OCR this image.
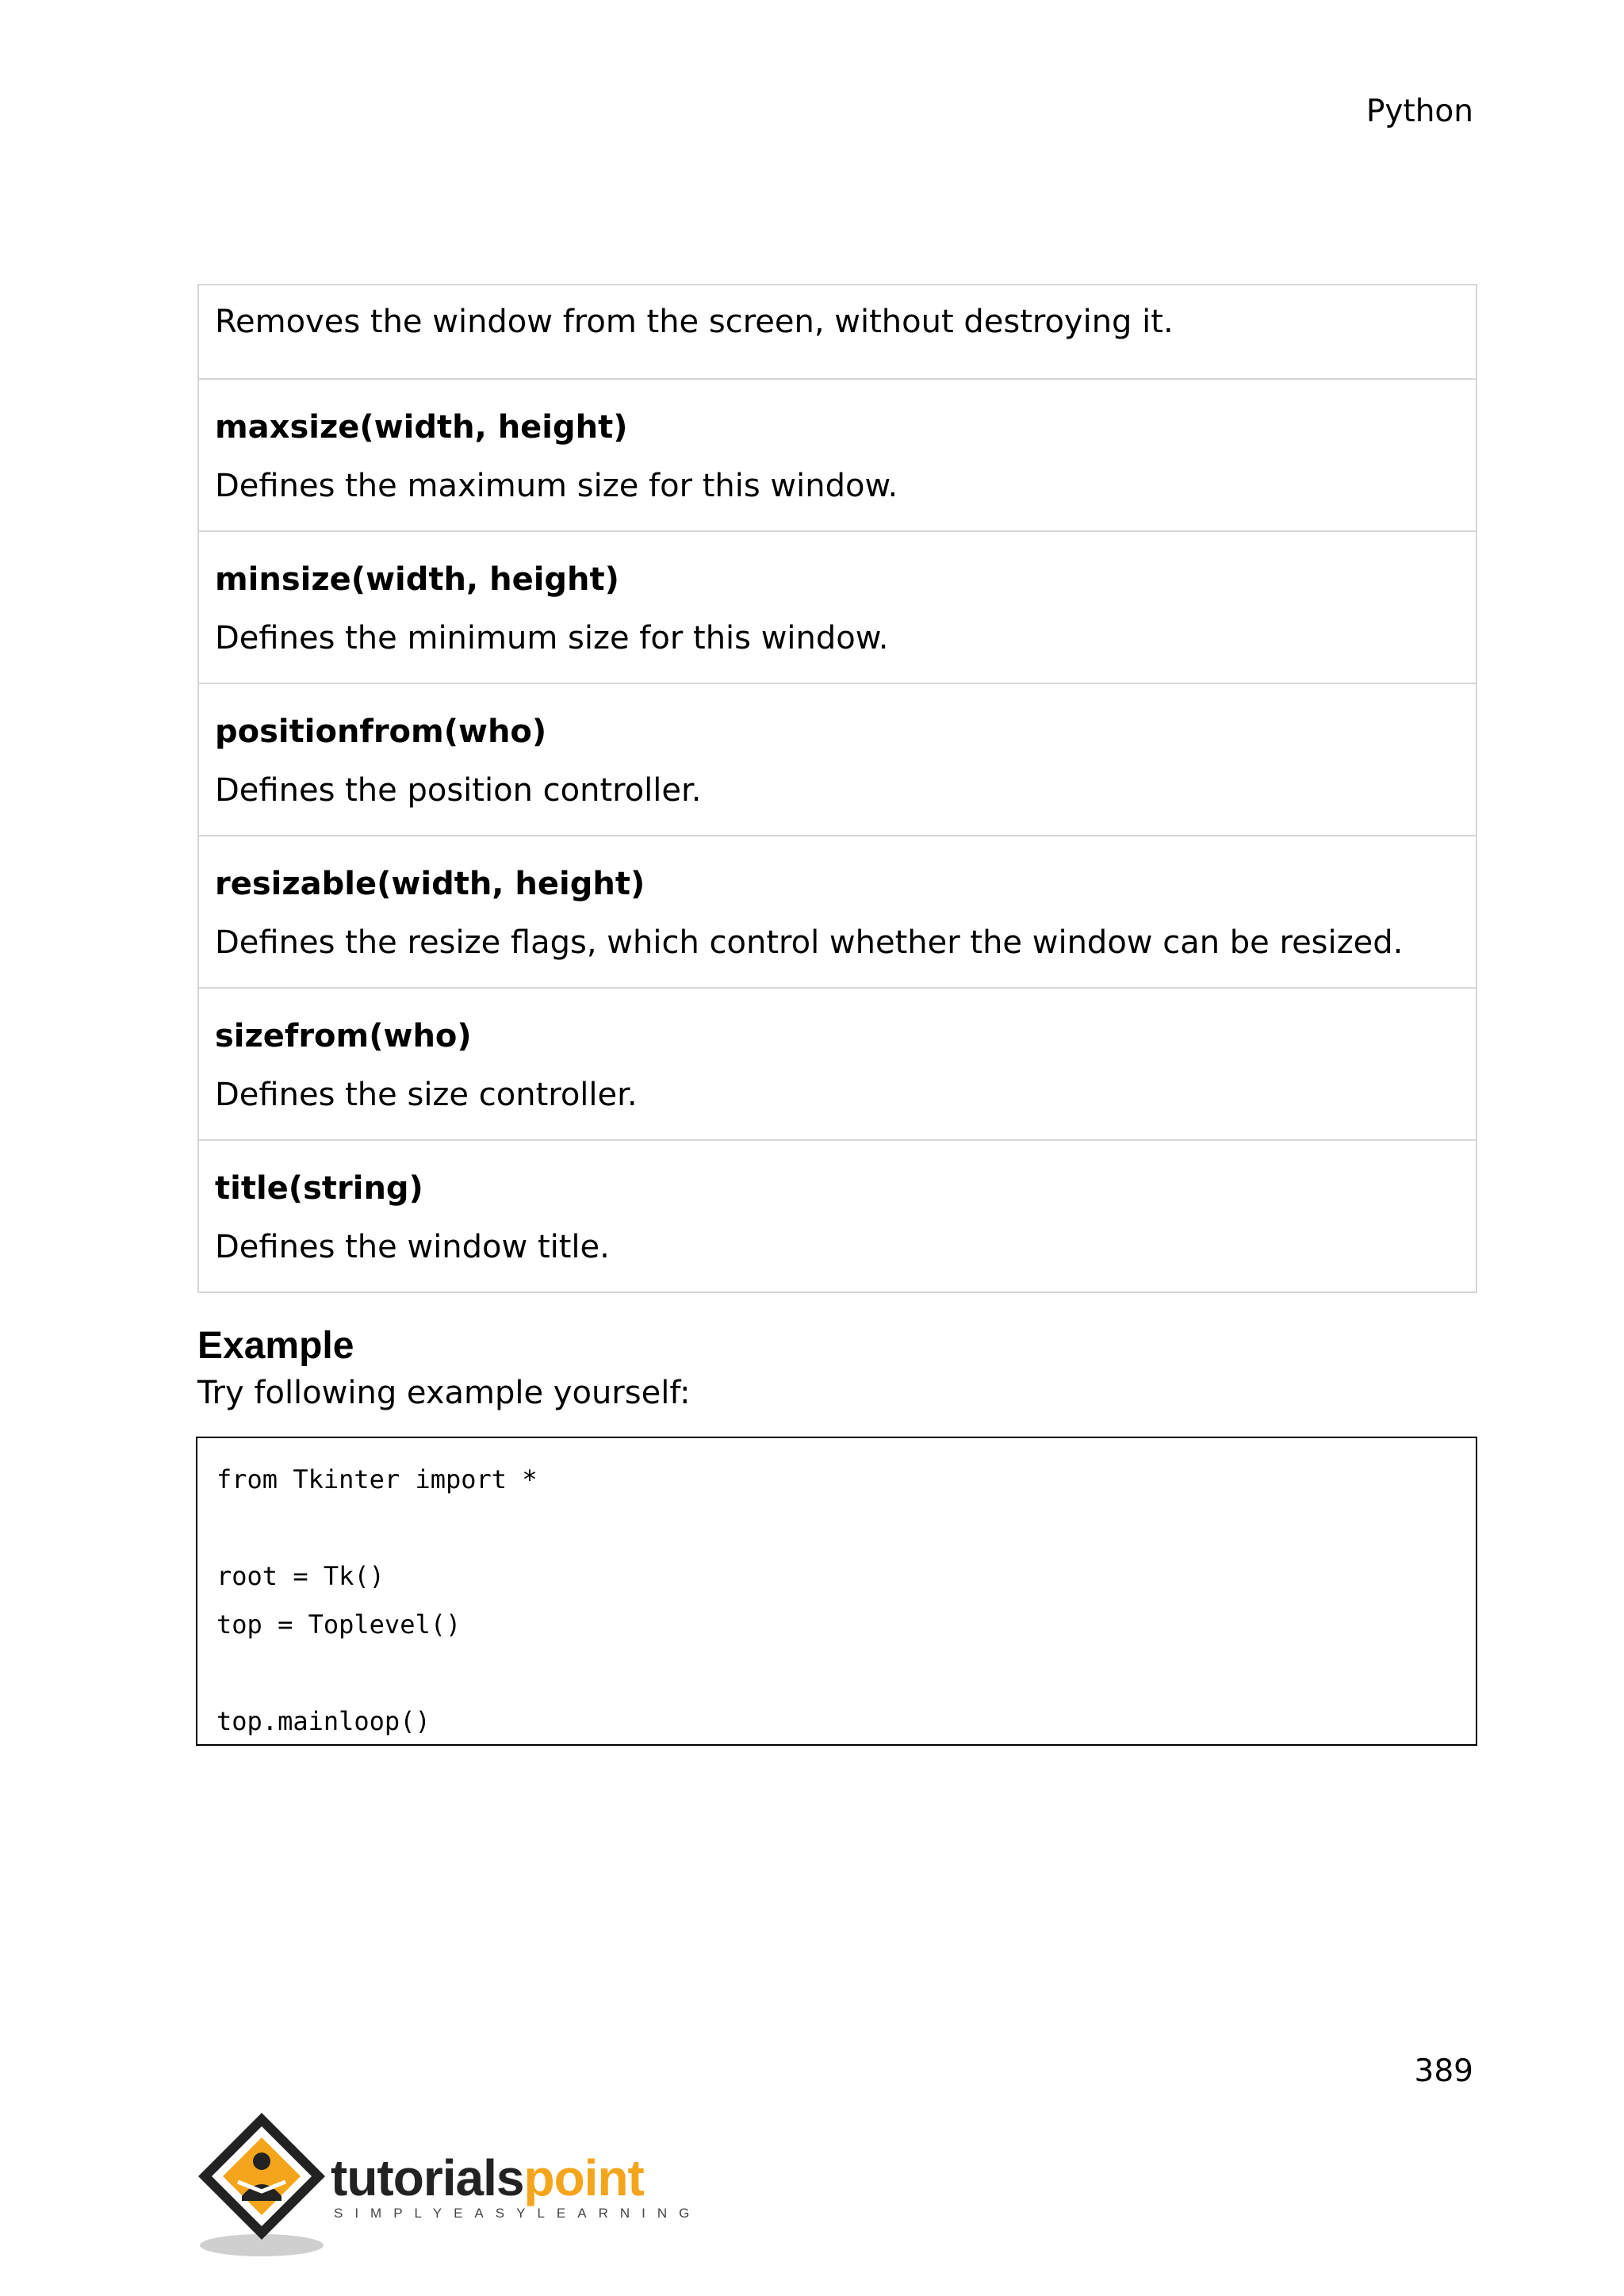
Python
Removes the window from the screen, without destroying it.
maxsize(width, height)
Defines the maximum size for this window.
minsize(width, height)
Defines the minimum size for this window.
positionfrom(who)
Defines the position controller.
resizable(width, height)
Defines the resize flags, which control whether the window can be resized.
sizefrom(who)
Defines the size controller.
title(string)
Defines the window title.
Example
Try following example yourself:
from Tkinter import *
root = Tk()
top = Toplevel()
top.mainloop()
389
tutorialspoint
SIMPLYEASYLEARNING
